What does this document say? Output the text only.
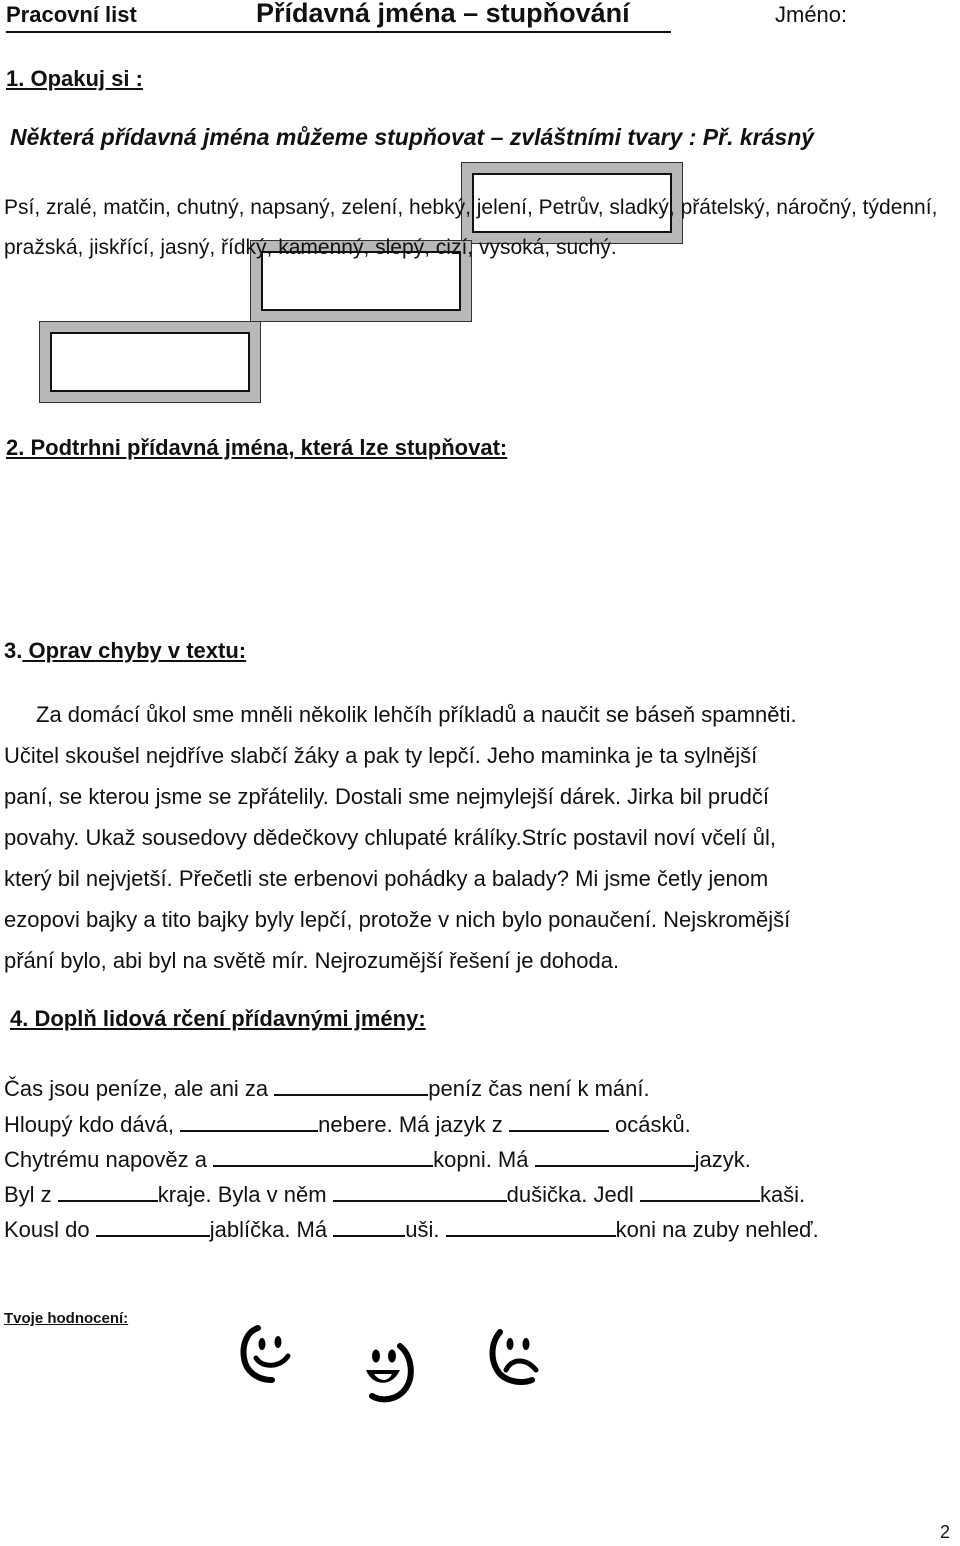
Pracovní list	Přídavná jména – stupňování	Jméno:
1. Opakuj si :
Některá přídavná jména můžeme stupňovat – zvláštními tvary : Př. krásný
2. Podtrhni přídavná jména, která lze stupňovat:
Psí, zralé, matčin, chutný, napsaný, zelení, hebký, jelení, Petrův, sladký, přátelský, náročný, týdenní, pražská, jiskřící, jasný, řídký, kamenný, slepý, cizí, vysoká, suchý.
3. Oprav chyby v textu:
Za domácí ůkol sme mněli několik lehčíh příkladů a naučit se báseň spamněti.
Učitel skoušel nejdříve slabčí žáky a pak ty lepčí. Jeho maminka je ta sylnější
paní, se kterou jsme se zpřátelily. Dostali sme nejmylejší dárek. Jirka bil prudčí
povahy. Ukaž sousedovy dědečkovy chlupaté králíky.Stríc postavil noví včelí ůl,
který bil nejvjetší. Přečetli ste erbenovi pohádky a balady? Mi jsme četly jenom
ezopovi bajky a tito bajky byly lepčí, protože v nich bylo ponaučení. Nejskromější
přání bylo, abi byl na světě mír. Nejrozumější řešení je dohoda.
4. Doplň lidová rčení přídavnými jmény:
Čas jsou peníze, ale ani za	peníz čas není k mání.
Hloupý kdo dává,	nebere. Má jazyk z	ocásků.
Chytrému napověz a	kopni. Má	jazyk.
Byl z	kraje. Byla v něm	dušička. Jedl	kaši.
Kousl do	jablíčka. Má	uši.	koni na zuby nehleď.
Tvoje hodnocení:
2
